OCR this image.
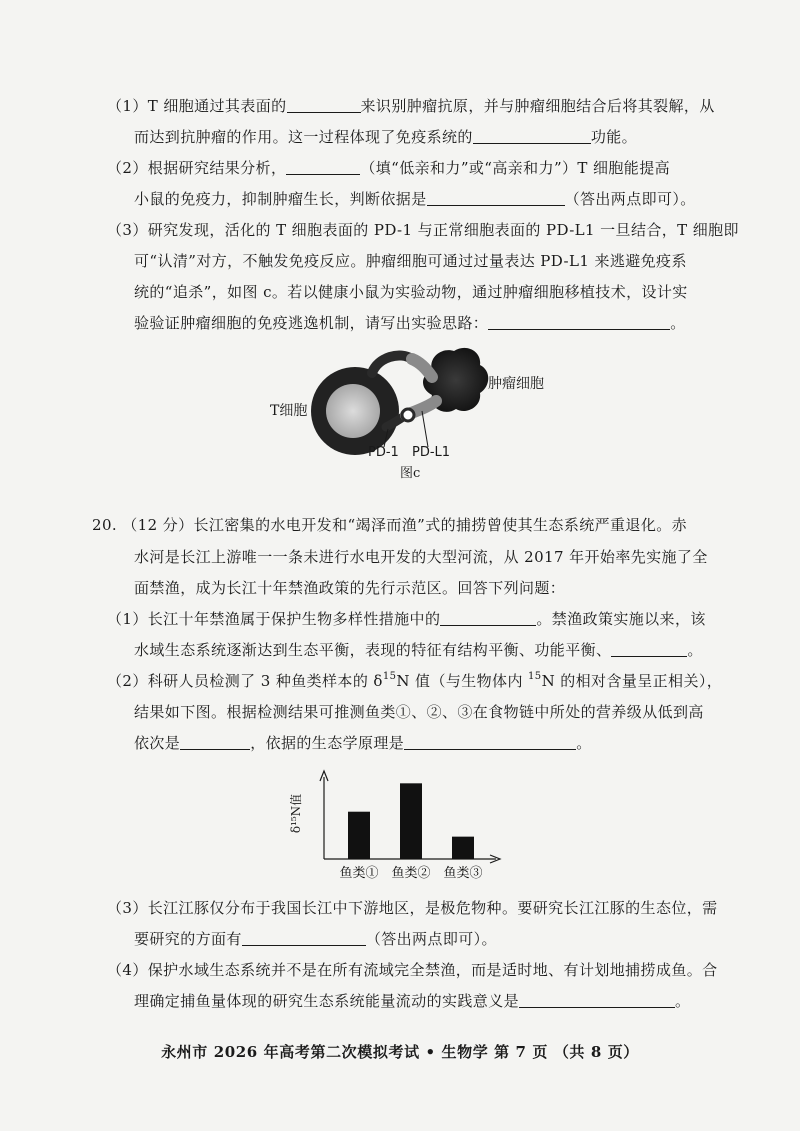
（1）T 细胞通过其表面的	来识别肿瘤抗原，并与肿瘤细胞结合后将其裂解，从
而达到抗肿瘤的作用。这一过程体现了免疫系统的	功能。
（2）根据研究结果分析，	（填“低亲和力”或“高亲和力”）T 细胞能提高
小鼠的免疫力，抑制肿瘤生长，判断依据是	（答出两点即可）。
（3）研究发现，活化的 T 细胞表面的 PD-1 与正常细胞表面的 PD-L1 一旦结合，T 细胞即
可“认清”对方，不触发免疫反应。肿瘤细胞可通过过量表达 PD-L1 来逃避免疫系
统的“追杀”，如图 c。若以健康小鼠为实验动物，通过肿瘤细胞移植技术，设计实
验验证肿瘤细胞的免疫逃逸机制，请写出实验思路：	。
T细胞
肿瘤细胞
PD-1 PD-L1
图c
20. （12 分）长江密集的水电开发和“竭泽而渔”式的捕捞曾使其生态系统严重退化。赤
水河是长江上游唯一一条未进行水电开发的大型河流，从 2017 年开始率先实施了全
面禁渔，成为长江十年禁渔政策的先行示范区。回答下列问题：
（1）长江十年禁渔属于保护生物多样性措施中的	。禁渔政策实施以来，该
水域生态系统逐渐达到生态平衡，表现的特征有结构平衡、功能平衡、	。
（2）科研人员检测了 3 种鱼类样本的 $\delta^{15}N$ 值（与生物体内 $^{15}$N 的相对含量呈正相关），
结果如下图。根据检测结果可推测鱼类①、②、③在食物链中所处的营养级从低到高
依次是	，依据的生态学原理是	。
鱼类① 鱼类② 鱼类③
δ¹⁵N值
（3）长江江豚仅分布于我国长江中下游地区，是极危物种。要研究长江江豚的生态位，需
要研究的方面有	（答出两点即可）。
（4）保护水域生态系统并不是在所有流域完全禁渔，而是适时地、有计划地捕捞成鱼。合
理确定捕鱼量体现的研究生态系统能量流动的实践意义是	。
永州市 2026 年高考第二次模拟考试 • 生物学 第 7 页 （共 8 页）
